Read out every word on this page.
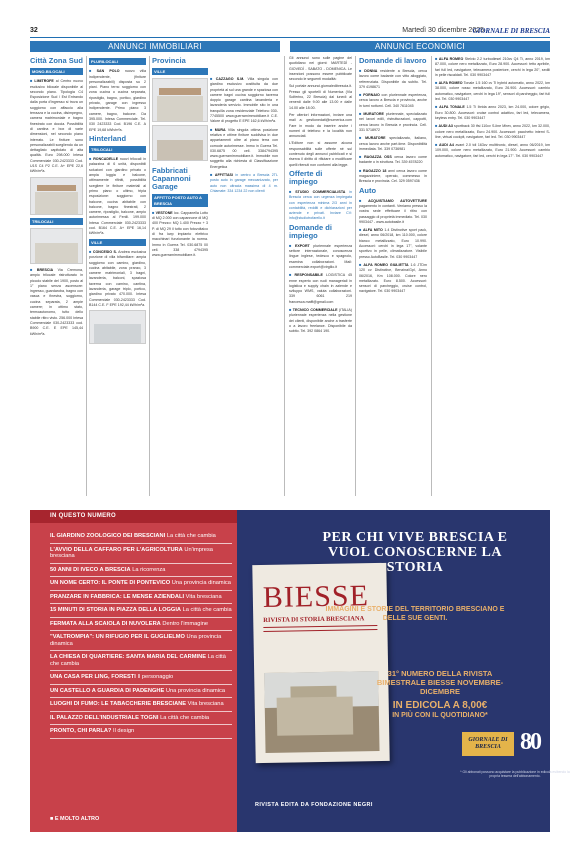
32	Martedì 30 dicembre 2025
GIORNALE DI BRESCIA
ANNUNCI IMMOBILIARI	ANNUNCI ECONOMICI
Città Zona Sud
MONO-BILOCALI

■LIMITROFE al Centro nuovo esclusivo bilocale disponibile al secondo piano. Tipologia C4 Esposizione Sud / Est Entrando dalla porta d'ingresso si trova un soggiorno con affaccio alla terrazza e la cucina, disimpegno, camera matrimoniale e bagno finestrato con doccia. Possibilità di cantina e box di varie dimensioni, nel secondo piano interrato. Le finiture sono personalizzabili scegliendo da un dettagliato capitolato di alta qualità. Euro 298.000 Intesa Commerciale 030-2423333 Cod. U1S C4 P2 C.E. A+ EPE 22,6 kWh/m²a.

TRILOCALI

■BRESCIA Via Cremona, ampio trilocale ristrutturato in piccolo stabile del 1900, posto al 1° piano senza ascensore: ingresso, guardaroba, bagno con vasca e finestra, soggiorno, cucina separata, 2 ampie camere; in ottimo stato, termoautonomo, tutto dello stabile ritiro visto. 256.000 Intesa Commerciale 030-2423333 cod. B900 C.E. E EPE 145,44 kWh/m²a.

PLURILOCALI

■SAN POLO nuovo villa indipendente, (finiture personalizzabili) disposta su 2 piani. Piano terra: soggiorno con zona cucina o cucina separata, ripostiglio, bagno, portico, giardino privato, garage con ingresso indipendente. Primo piano: 3 camere, bagno, balcone. Da 395.000. Intesa Commerciale. Tel. 030 2423333 Cod. B196 C.E. A EPE 19,68 kWh/m²a.

Hinterland
TRILOCALI

■RONCADELLE nuovi trilocali in palazzina di 6 unità, disponibili soluzioni con giardino privato o ampia loggia e balcone, ottimamente rifiniti, possibilità scegliere le finiture materiali al primo piano o ultimo, tripla esposizione: soggiorno con balcone, cucina abitabile con balcone, bagno finestrati, 2 camere, ripostiglio, balcone, ampio autorimessa al Fenili. 199.000 Intesa Commerciale 030-2423333 cod. B164 C.E. A+ EPE 16,14 kWh/m²a.

VILLE

■CONCESIO S. Andrea esclusiva porzione di villa bifamiliare: ampia soggiorno con camino, giardino, cucina abitabile, zona pranzo, 3 camere matrimoniali, 3 bagni, lavanderia, balconi, spaziosa taverna con camino, cantina, lavanderia, garage triplo, portico, giardino privato 470.000. Intesa Commerciale 030-2423333 Cod. B144 C.E. F EPE 192,44 kWh/m²a.

Provincia
VILLE
Fabbricati Capannoni Garage
AFFITTO POSTO AUTO A BRESCIA

■VESTONE loc. Cappanella Lotto di MQ 2.000 con capannone di MQ 400 Prezzo: MQ 1.400 Prezzo + 3 P. di MQ 29 il tutto con fotovoltaico di fra kwp impianto elettrico macchinari funzionante la norma. Immo in Guerra Tel. 030.6875 00 cell. 338 4794395 www.guerramimmobiliare.it.

■CAZZAGO S.M. Villa singola con giardino esclusivo costituita da due proprietà al sul una grande e spaziosa con camere bagni cucina soggiorno taverna doppio garage cantina lavanderia e lavanderia servizio. Immobile sito in una tranquilla zona residenziale Telefono 030-7745500 www.guerramimmobiliare.it C.E. Valore di progetto E EPE 162,6 kWh/m²a.

■MURA Villa singola ottima posizione relativa e ottime finiture suddivisa in due appartamenti oltre al piano terra con comode autorimesse. Immo in Guerra Tel. 030.6875 00 cell. 3384794395 www.guerramimmobiliare.it. Immobile non soggetto alla richiesta di Classificazione Energetica

■AFFITTASI in centro a Brescia 2TL posto auto in garage meccanizzato, per auto non ultracia massima di 4 m. Chiamate: 334 1234 22 non clienti

Gli annunci sono sulle pagine del quotidiano nei giorni: MARTEDÌ - GIOVEDÌ - SABATO - DOMENICA. Le inserzioni possono essere pubblicate secondo le seguenti modalità:

Sul portale annunci.giornaledibrescia.it. Presso gli sportelli di Numerica (Via Solferino, 22 Brescia) dal lunedì al venerdì dalle 9.00 alle 13.00 e dalle 14.00 alle 18.00.

Per ulteriori informazioni, inviare una mail a: gestionedati@numerica.com Fare in modo da inserire anche i numeri di telefono e la località non annunciati.

L'Editore non si assume alcuna responsabilità sulle offerte né sul contenuto degli annunci pubblicati e si riserva il diritto di rifiutare o modificare quelli ritenuti non conformi alla legge.

Offerte di impiego

■STUDIO COMMERCIALISTA in Brescia cerca con urgenza impiegata con esperienza minima 2/3 anni in contabilità, redditi e dichiarazioni per aziende e privati. Inviare CV: info@studiotrofarello.it

Domande di impiego

■EXPORT pluriennale esperienza settore internazionale, conoscenza lingue inglese, tedesco e spagnolo, esamina collaborazioni. Mail: commerciale.export@virgilio.it

■RESPONSABILE LOGISTICA 45 enne esperto con ruoli manageriali in logistica e supply chain in aziende e sviluppo WMS, valuta collaborazioni. 339 6061 219 francesca.maffi@gmail.com

■TECNICO COMMERCIALE (ITALIA) pluriennale esperienza nella gestione dei clienti, disponibile anche a trasferte o a lavoro freelance. Disponibile da subito. Tel. 392 0864 190.

Domande di lavoro

■DONNA residente a Brescia, cerca lavoro come badante con vitto alloggiato, referenziata. Disponibile da subito. Tel. 379 4198671

■FORNAIO con pluriennale esperienza, cerca lavoro a Brescia e provincia, anche in turni notturni. Cell. 340 7611045

■MURATORE pluriennale, specializzato nei lavori edili, ristrutturazioni, cappotti, cerca lavoro in Brescia e provincia. Cell. 331 5718972

■MURATORE specializzato, italiano, cerca lavoro anche part-time. Disponibilità immediata. Tel. 339 0736981

■RAGAZZA OSS cerca lavoro come badante o in struttura. Tel. 339 4578220

■RAGAZZO 18 anni cerca lavoro come magazziniere, operaio, commesso in Brescia e provincia. Cel. 329 0597436

Auto

■ACQUISTIAMO AUTOVETTURE pagamento in contanti. Veniamo presso la vostra sede effettuare il ritiro con passaggio di proprietà immediato. Tel. 030 9903447 - www.autobasile.it

■ALFA MITO 1.4 Distinctive sport pack, diesel, anno 06/2018, km 110.000, colore bianco metallizzato, Euro 10.990. Accessori: cerchi in lega 17", volante sportivo in pelle, climatizzatore. Visibile presso AutoBasile. Tel. 030 9903447

■ALFA ROMEO GIULIETTA 1.6 JTDm 120 cv Distinctive, Benzina/Gpl, Anno 06/2016, Km 108.000. Colore nero metallizzato. Euro 8.500. Accessori: sensori di parcheggio, cruise control, navigatore. Tel. 030 9903447

■ALFA ROMEO Stelvio 2.2 turbodiesel 210cv Q4 Ti, anno 2019, km 87.000, colore nero metallizzato, Euro 28.900. Accessori: tetto apribile, fari full led, navigatore, telecamera posteriore, cerchi in lega 20", sedili in pelle riscaldati. Tel. 030 9903447

■ALFA ROMEO Tonale 1.5 160 cv Ti hybrid automatic, anno 2022, km 38.000, colore rosso metallizzato, Euro 26.900. Accessori: cambio automatico, navigatore, cerchi in lega 19", sensori di parcheggio, fari full led. Tel. 030 9903447

■ALFA TONALE 1.5 Ti Ibrida anno 2023, km 24.000, colore grigio, Euro 30.800. Accessori: cruise control adattivo, fari led, telecamera, keyless entry. Tel. 030 9903447

■AUDI A3 sportback 30 tfsi 110cv S-line Mhev, anno 2022, km 32.000, colore nero metallizzato, Euro 24.900. Accessori: pacchetto interni S-line, virtual cockpit, navigatore, fari led. Tel. 030 9903447

■AUDI A4 avant 2.0 tdi 163cv multitronic, diesel, anno 06/2019, km 109.000, colore nero metallizzato, Euro 21.900. Accessori: cambio automatico, navigatore, fari led, cerchi in lega 17". Tel. 030 9903447

IN QUESTO NUMERO
IL GIARDINO ZOOLOGICO DEI BRESCIANI La città che cambia
L'AVVIO DELLA CAFFARO PER L'AGRICOLTURA Un'impresa bresciana
50 ANNI DI IVECO A BRESCIA La ricorrenza
UN NOME CERTO: IL PONTE DI PONTEVICO Una provincia dinamica
PRANZARE IN FABBRICA: LE MENSE AZIENDALI Vita bresciana
15 MINUTI DI STORIA IN PIAZZA DELLA LOGGIA La città che cambia
FERMATA ALLA SCAIOLA DI NUVOLERA Dentro l'immagine
"VALTROMPIA": UN RIFUGIO PER IL GUGLIELMO Una provincia dinamica
LA CHIESA DI QUARTIERE: SANTA MARIA DEL CARMINE La città che cambia
UNA CASA PER LING, FORESTI Il personaggio
UN CASTELLO A GUARDIA DI PADENGHE Una provincia dinamica
LUOGHI DI FUMO: LE TABACCHERIE BRESCIANE Vita bresciana
IL PALAZZO DELL'INDUSTRIALE TOGNI La città che cambia
PRONTO, CHI PARLA? Il design
■ E MOLTO ALTRO
BIESSE
RIVISTA DI STORIA BRESCIANA
PER CHI VIVE BRESCIA E VUOL CONOSCERNE LA STORIA
IMMAGINI E STORIE DEL TERRITORIO BRESCIANO E DELLE SUE GENTI.
31° NUMERO DELLA RIVISTA BIMESTRALE BIESSE NOVEMBRE-DICEMBRE
IN EDICOLA A 8,00€
IN PIÙ CON IL QUOTIDIANO*
GIORNALE DI BRESCIA 80
* Gli abbonati possono acquistare la pubblicazione in edicola esibendo la propria tessera dell'abbonamento.
RIVISTA EDITA DA FONDAZIONE NEGRI
